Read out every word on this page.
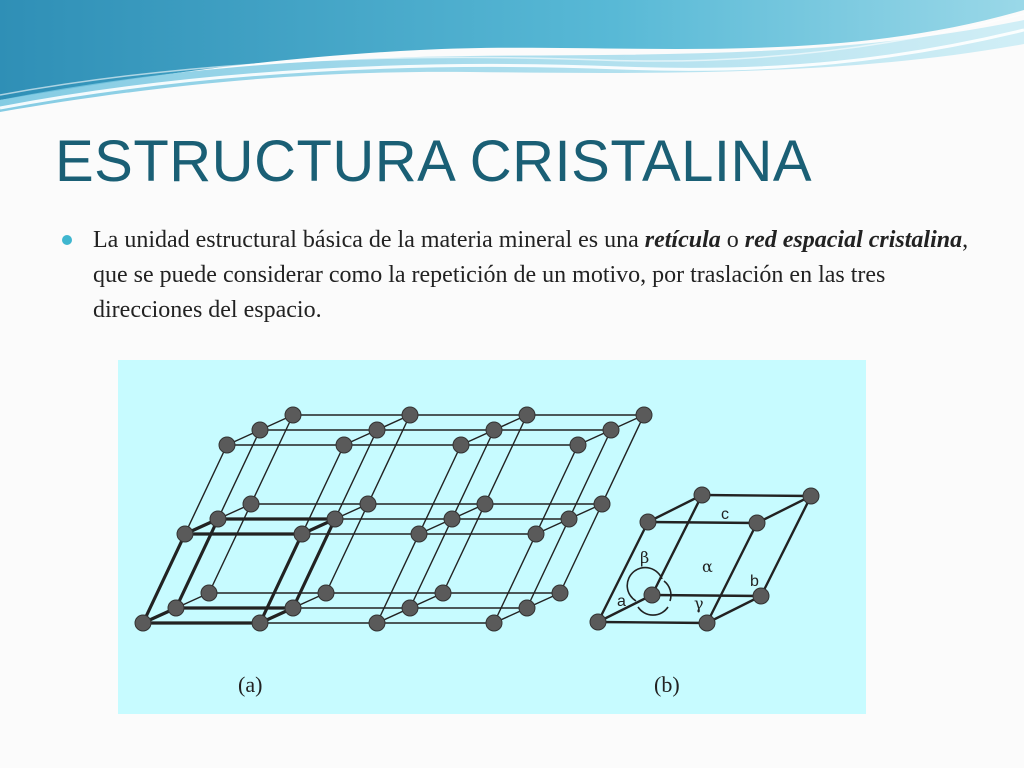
ESTRUCTURA CRISTALINA
La unidad estructural básica de la materia mineral es una retícula o red espacial cristalina, que se puede considerar como la repetición de un motivo, por traslación en las tres direcciones del espacio.
(a)	(b)
c
b
a
α
β
γ
